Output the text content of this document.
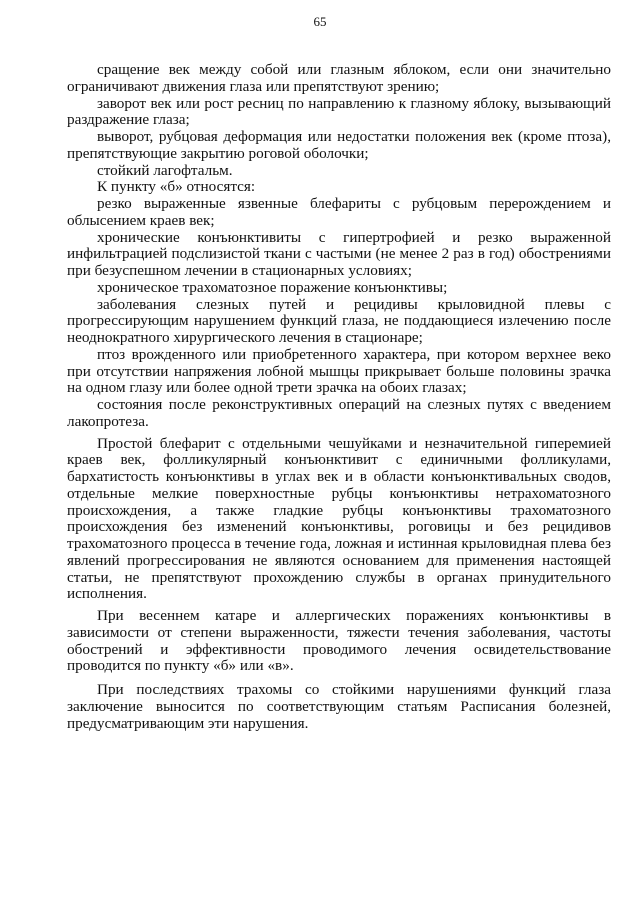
65

сращение век между собой или глазным яблоком, если они значительно ограничивают движения глаза или препятствуют зрению;

заворот век или рост ресниц по направлению к глазному яблоку, вызывающий раздражение глаза;

выворот, рубцовая деформация или недостатки положения век (кроме птоза), препятствующие закрытию роговой оболочки;

стойкий лагофтальм.

К пункту «б» относятся:

резко выраженные язвенные блефариты с рубцовым перерождением и облысением краев век;

хронические конъюнктивиты с гипертрофией и резко выраженной инфильтрацией подслизистой ткани с частыми (не менее 2 раз в год) обострениями при безуспешном лечении в стационарных условиях;

хроническое трахоматозное поражение конъюнктивы;

заболевания слезных путей и рецидивы крыловидной плевы с прогрессирующим нарушением функций глаза, не поддающиеся излечению после неоднократного хирургического лечения в стационаре;

птоз врожденного или приобретенного характера, при котором верхнее веко при отсутствии напряжения лобной мышцы прикрывает больше половины зрачка на одном глазу или более одной трети зрачка на обоих глазах;

состояния после реконструктивных операций на слезных путях с введением лакопротеза.

Простой блефарит с отдельными чешуйками и незначительной гиперемией краев век, фолликулярный конъюнктивит с единичными фолликулами, бархатистость конъюнктивы в углах век и в области конъюнктивальных сводов, отдельные мелкие поверхностные рубцы конъюнктивы нетрахоматозного происхождения, а также гладкие рубцы конъюнктивы трахоматозного происхождения без изменений конъюнктивы, роговицы и без рецидивов трахоматозного процесса в течение года, ложная и истинная крыловидная плева без явлений прогрессирования не являются основанием для применения настоящей статьи, не препятствуют прохождению службы в органах принудительного исполнения.

При весеннем катаре и аллергических поражениях конъюнктивы в зависимости от степени выраженности, тяжести течения заболевания, частоты обострений и эффективности проводимого лечения освидетельствование проводится по пункту «б» или «в».

При последствиях трахомы со стойкими нарушениями функций глаза заключение выносится по соответствующим статьям Расписания болезней, предусматривающим эти нарушения.
